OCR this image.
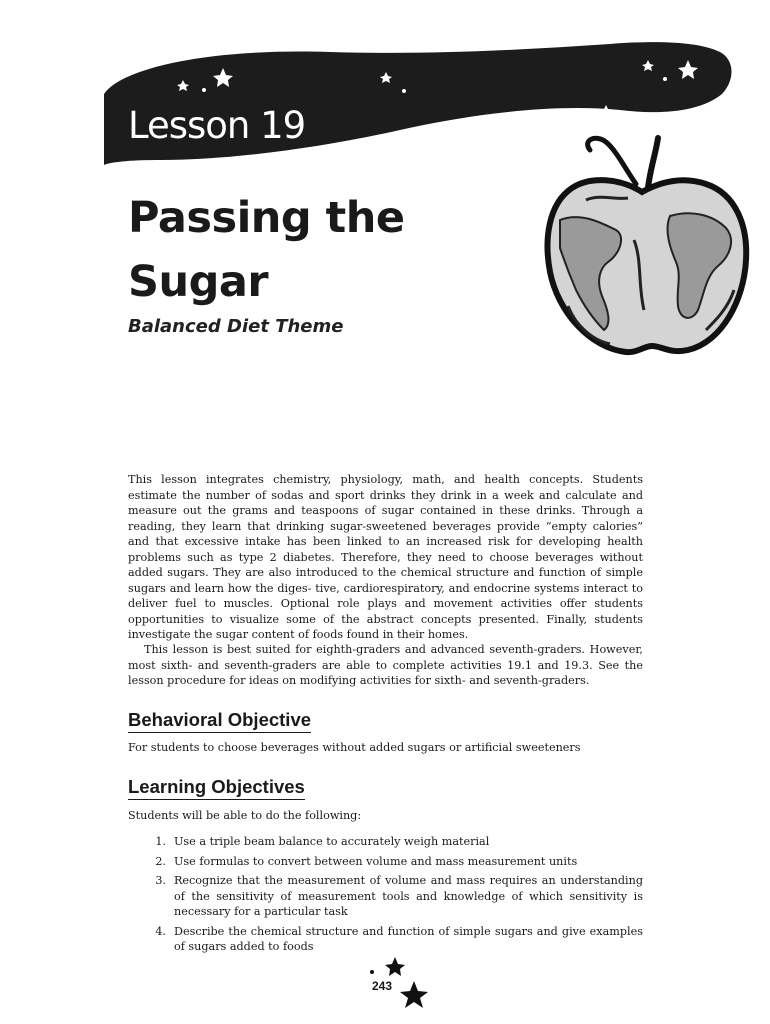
Lesson 19
Passing the
Sugar
Balanced Diet Theme

This lesson integrates chemistry, physiology, math, and health concepts. Students estimate the number of sodas and sport drinks they drink in a week and calculate and measure out the grams and teaspoons of sugar contained in these drinks. Through a reading, they learn that drinking sugar-sweetened beverages provide “empty calories” and that excessive intake has been linked to an increased risk for developing health problems such as type 2 diabetes. Therefore, they need to choose beverages without added sugars. They are also introduced to the chemical structure and function of simple sugars and learn how the diges- tive, cardiorespiratory, and endocrine systems interact to deliver fuel to muscles. Optional role plays and movement activities offer students opportunities to visualize some of the abstract concepts presented. Finally, students investigate the sugar content of foods found in their homes.

This lesson is best suited for eighth-graders and advanced seventh-graders. However, most sixth- and seventh-graders are able to complete activities 19.1 and 19.3. See the lesson procedure for ideas on modifying activities for sixth- and seventh-graders.

Behavioral Objective
For students to choose beverages without added sugars or artificial sweeteners
Learning Objectives
Students will be able to do the following:
1. Use a triple beam balance to accurately weigh material
2. Use formulas to convert between volume and mass measurement units
3. Recognize that the measurement of volume and mass requires an understanding of the sensitivity of measurement tools and knowledge of which sensitivity is necessary for a particular task
4. Describe the chemical structure and function of simple sugars and give examples of sugars added to foods
243
